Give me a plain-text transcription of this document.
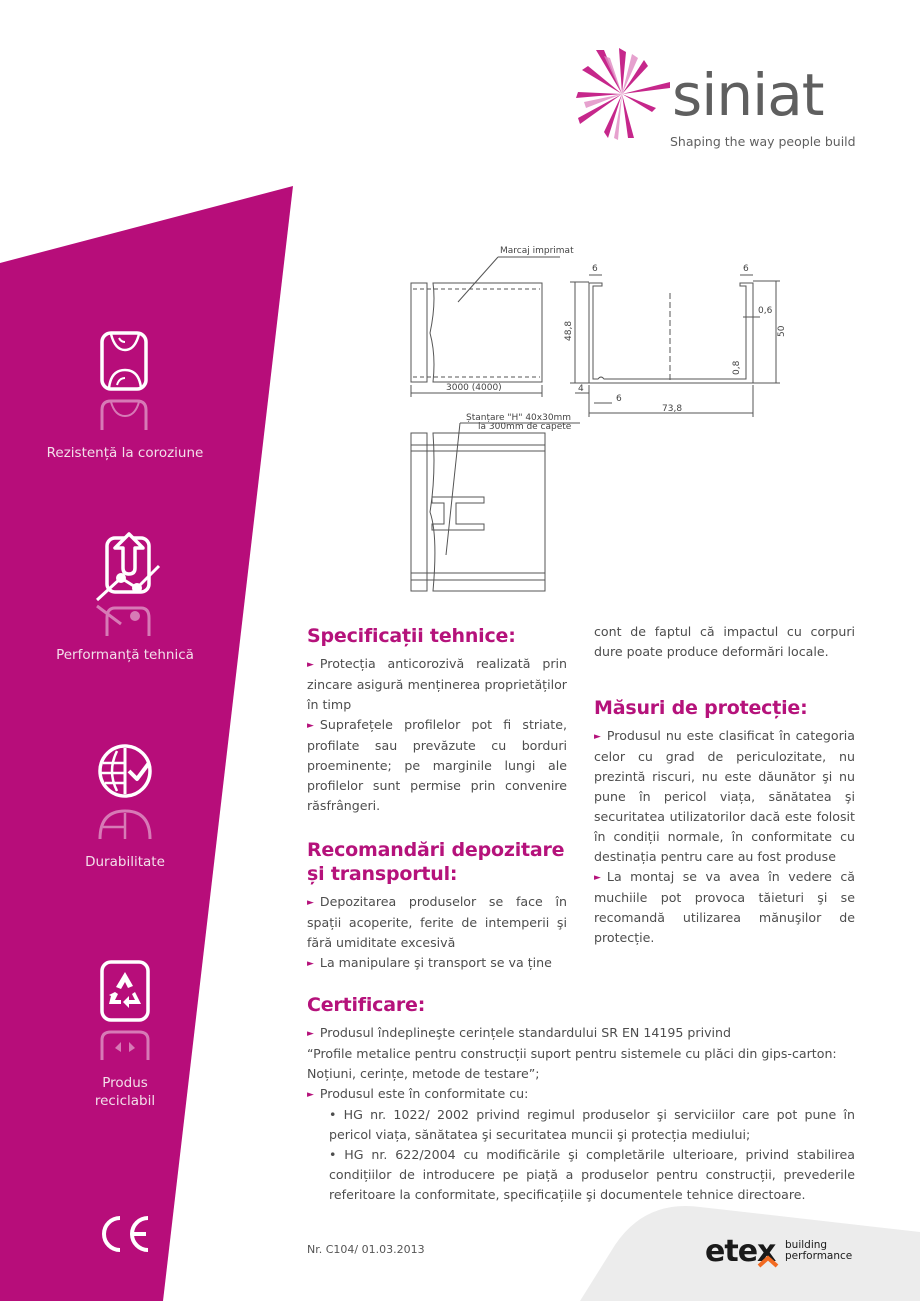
siniat
Shaping the way people build
Rezistență la coroziune
Performanță tehnică
Durabilitate
Produs
reciclabil
Marcaj imprimat
3000 (4000)
6	6
48,8	50
0,6
0,8
4
6
73,8
Ștanțare "H" 40x30mm
la 300mm de capete
Specificații tehnice:

► Protecția anticorozivă realizată prin zincare asigură menținerea proprietăților în timp

► Suprafețele profilelor pot fi striate, profilate sau prevăzute cu borduri proeminente; pe marginile lungi ale profilelor sunt permise prin convenire răsfrângeri.

Recomandări depozitare
și transportul:

► Depozitarea produselor se face în spații acoperite, ferite de intemperii şi fără umiditate excesivă

► La manipulare şi transport se va ține

cont de faptul că impactul cu corpuri dure poate produce deformări locale.
Măsuri de protecție:

► Produsul nu este clasificat în categoria celor cu grad de periculozitate, nu prezintă riscuri, nu este dăunător şi nu pune în pericol viața, sănătatea şi securitatea utilizatorilor dacă este folosit în condiții normale, în conformitate cu destinația pentru care au fost produse

► La montaj se va avea în vedere că muchiile pot provoca tăieturi şi se recomandă utilizarea mănuşilor de protecție.

Certificare:

► Produsul îndeplineşte cerințele standardului SR EN 14195 privind

“Profile metalice pentru construcții suport pentru sistemele cu plăci din gips-carton: Noțiuni, cerințe, metode de testare”;

► Produsul este în conformitate cu:

• HG nr. 1022/ 2002 privind regimul produselor şi serviciilor care pot pune în pericol viața, sănătatea şi securitatea muncii şi protecția mediului;

• HG nr. 622/2004 cu modificările şi completările ulterioare, privind stabilirea condițiilor de introducere pe piață a produselor pentru construcții, prevederile referitoare la conformitate, specificațiile şi documentele tehnice directoare.

Nr. C104/ 01.03.2013	etex building
performance
